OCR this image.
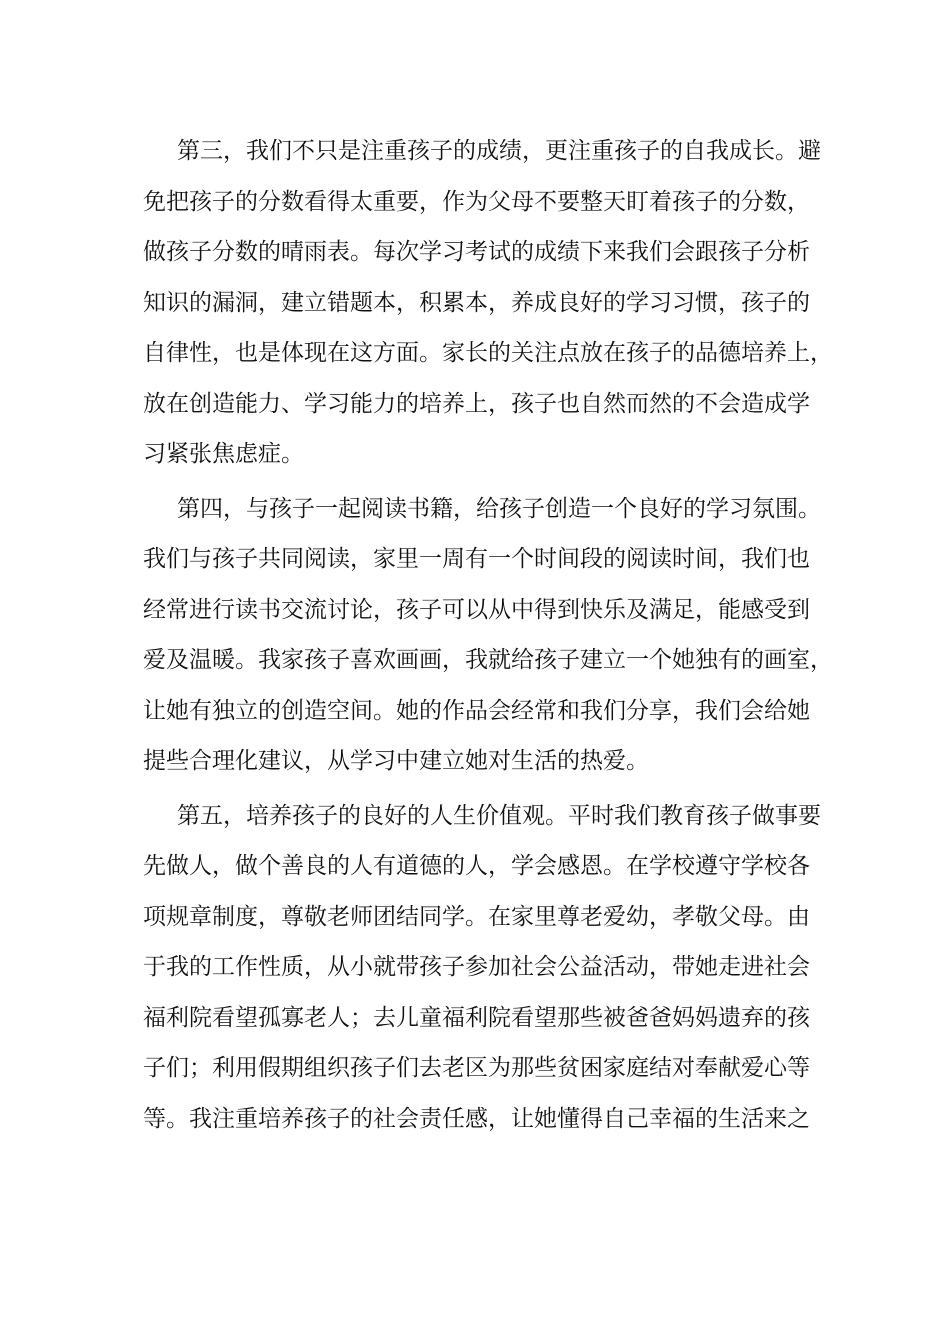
第三，我们不只是注重孩子的成绩，更注重孩子的自我成长。避
免把孩子的分数看得太重要，作为父母不要整天盯着孩子的分数，
做孩子分数的晴雨表。每次学习考试的成绩下来我们会跟孩子分析
知识的漏洞，建立错题本，积累本，养成良好的学习习惯，孩子的
自律性，也是体现在这方面。家长的关注点放在孩子的品德培养上，
放在创造能力、学习能力的培养上，孩子也自然而然的不会造成学
习紧张焦虑症。
第四，与孩子一起阅读书籍，给孩子创造一个良好的学习氛围。
我们与孩子共同阅读，家里一周有一个时间段的阅读时间，我们也
经常进行读书交流讨论，孩子可以从中得到快乐及满足，能感受到
爱及温暖。我家孩子喜欢画画，我就给孩子建立一个她独有的画室，
让她有独立的创造空间。她的作品会经常和我们分享，我们会给她
提些合理化建议，从学习中建立她对生活的热爱。
第五，培养孩子的良好的人生价值观。平时我们教育孩子做事要
先做人，做个善良的人有道德的人，学会感恩。在学校遵守学校各
项规章制度，尊敬老师团结同学。在家里尊老爱幼，孝敬父母。由
于我的工作性质，从小就带孩子参加社会公益活动，带她走进社会
福利院看望孤寡老人；去儿童福利院看望那些被爸爸妈妈遗弃的孩
子们；利用假期组织孩子们去老区为那些贫困家庭结对奉献爱心等
等。我注重培养孩子的社会责任感，让她懂得自己幸福的生活来之
